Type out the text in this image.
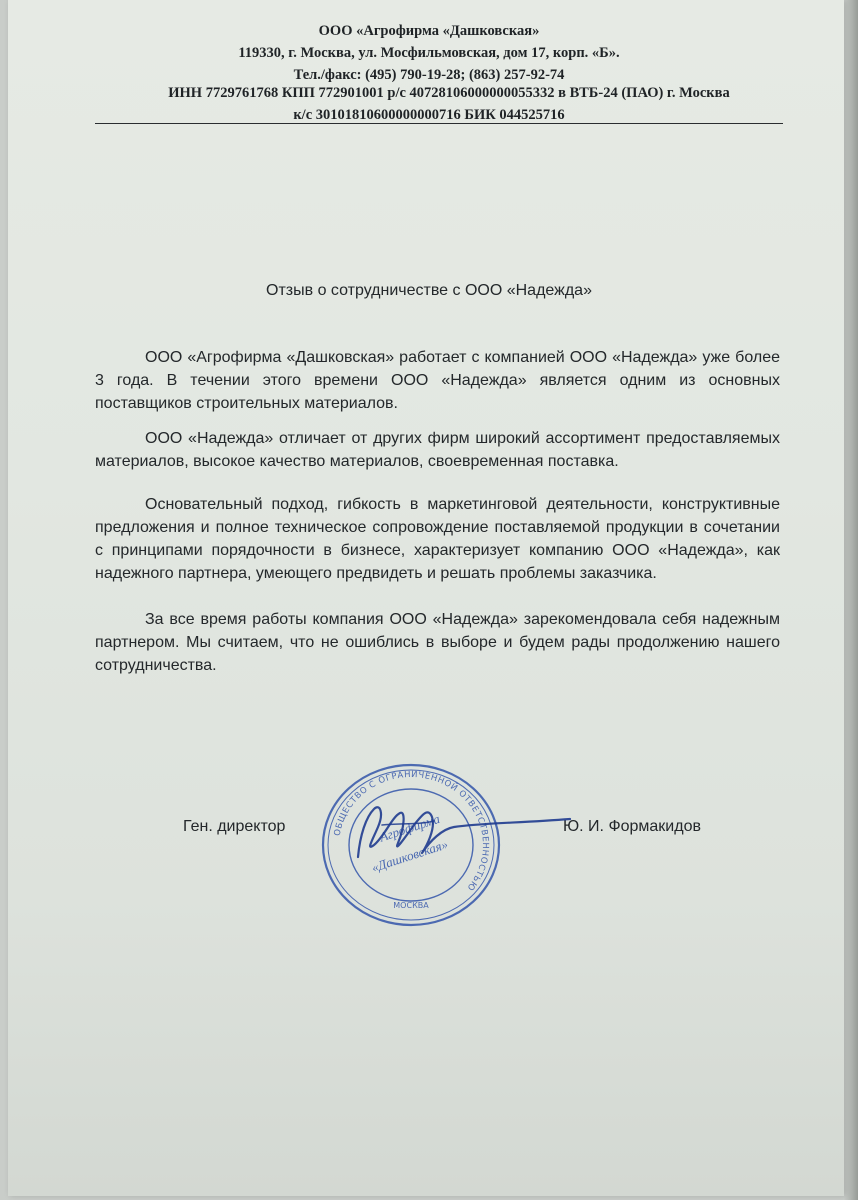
ООО «Агрофирма «Дашковская»
119330, г. Москва, ул. Мосфильмовская, дом 17, корп. «Б».
Тел./факс: (495) 790-19-28; (863) 257-92-74
ИНН 7729761768 КПП 772901001 р/с 40728106000000055332 в ВТБ-24 (ПАО) г. Москва
к/с 30101810600000000716 БИК 044525716
Отзыв о сотрудничестве с ООО «Надежда»

ООО «Агрофирма «Дашковская» работает с компанией ООО «Надежда» уже более 3 года. В течении этого времени ООО «Надежда» является одним из основных поставщиков строительных материалов.

ООО «Надежда» отличает от других фирм широкий ассортимент предоставляемых материалов, высокое качество материалов, своевременная поставка.

Основательный подход, гибкость в маркетинговой деятельности, конструктивные предложения и полное техническое сопровождение поставляемой продукции в сочетании с принципами порядочности в бизнесе, характеризует компанию ООО «Надежда», как надежного партнера, умеющего предвидеть и решать проблемы заказчика.

За все время работы компания ООО «Надежда» зарекомендовала себя надежным партнером. Мы считаем, что не ошиблись в выборе и будем рады продолжению нашего сотрудничества.

Ген. директор	Ю. И. Формакидов
ОБЩЕСТВО С ОГРАНИЧЕННОЙ ОТВЕТСТВЕННОСТЬЮ
МОСКВА
Агрофирма
«Дашковская»
